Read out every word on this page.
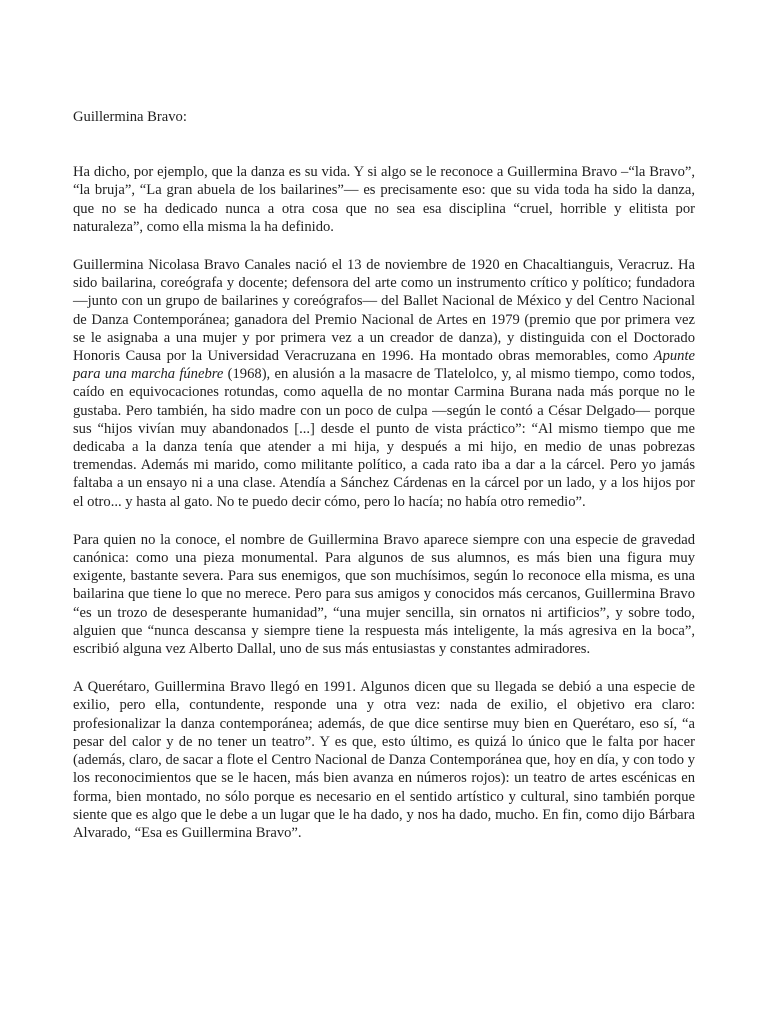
Guillermina Bravo:

Ha dicho, por ejemplo, que la danza es su vida. Y si algo se le reconoce a Guillermina Bravo –“la Bravo”, “la bruja”, “La gran abuela de los bailarines”— es precisamente eso: que su vida toda ha sido la danza, que no se ha dedicado nunca a otra cosa que no sea esa disciplina “cruel, horrible y elitista por naturaleza”, como ella misma la ha definido.

Guillermina Nicolasa Bravo Canales nació el 13 de noviembre de 1920 en Chacaltianguis, Veracruz. Ha sido bailarina, coreógrafa y docente; defensora del arte como un instrumento crítico y político; fundadora —junto con un grupo de bailarines y coreógrafos— del Ballet Nacional de México y del Centro Nacional de Danza Contemporánea; ganadora del Premio Nacional de Artes en 1979 (premio que por primera vez se le asignaba a una mujer y por primera vez a un creador de danza), y distinguida con el Doctorado Honoris Causa por la Universidad Veracruzana en 1996. Ha montado obras memorables, como Apunte para una marcha fúnebre (1968), en alusión a la masacre de Tlatelolco, y, al mismo tiempo, como todos, caído en equivocaciones rotundas, como aquella de no montar Carmina Burana nada más porque no le gustaba. Pero también, ha sido madre con un poco de culpa —según le contó a César Delgado— porque sus “hijos vivían muy abandonados [...] desde el punto de vista práctico”: “Al mismo tiempo que me dedicaba a la danza tenía que atender a mi hija, y después a mi hijo, en medio de unas pobrezas tremendas. Además mi marido, como militante político, a cada rato iba a dar a la cárcel. Pero yo jamás faltaba a un ensayo ni a una clase. Atendía a Sánchez Cárdenas en la cárcel por un lado, y a los hijos por el otro... y hasta al gato. No te puedo decir cómo, pero lo hacía; no había otro remedio”.

Para quien no la conoce, el nombre de Guillermina Bravo aparece siempre con una especie de gravedad canónica: como una pieza monumental. Para algunos de sus alumnos, es más bien una figura muy exigente, bastante severa. Para sus enemigos, que son muchísimos, según lo reconoce ella misma, es una bailarina que tiene lo que no merece. Pero para sus amigos y conocidos más cercanos, Guillermina Bravo “es un trozo de desesperante humanidad”, “una mujer sencilla, sin ornatos ni artificios”, y sobre todo, alguien que “nunca descansa y siempre tiene la respuesta más inteligente, la más agresiva en la boca”, escribió alguna vez Alberto Dallal, uno de sus más entusiastas y constantes admiradores.

A Querétaro, Guillermina Bravo llegó en 1991. Algunos dicen que su llegada se debió a una especie de exilio, pero ella, contundente, responde una y otra vez: nada de exilio, el objetivo era claro: profesionalizar la danza contemporánea; además, de que dice sentirse muy bien en Querétaro, eso sí, “a pesar del calor y de no tener un teatro”. Y es que, esto último, es quizá lo único que le falta por hacer (además, claro, de sacar a flote el Centro Nacional de Danza Contemporánea que, hoy en día, y con todo y los reconocimientos que se le hacen, más bien avanza en números rojos): un teatro de artes escénicas en forma, bien montado, no sólo porque es necesario en el sentido artístico y cultural, sino también porque siente que es algo que le debe a un lugar que le ha dado, y nos ha dado, mucho. En fin, como dijo Bárbara Alvarado, “Esa es Guillermina Bravo”.
